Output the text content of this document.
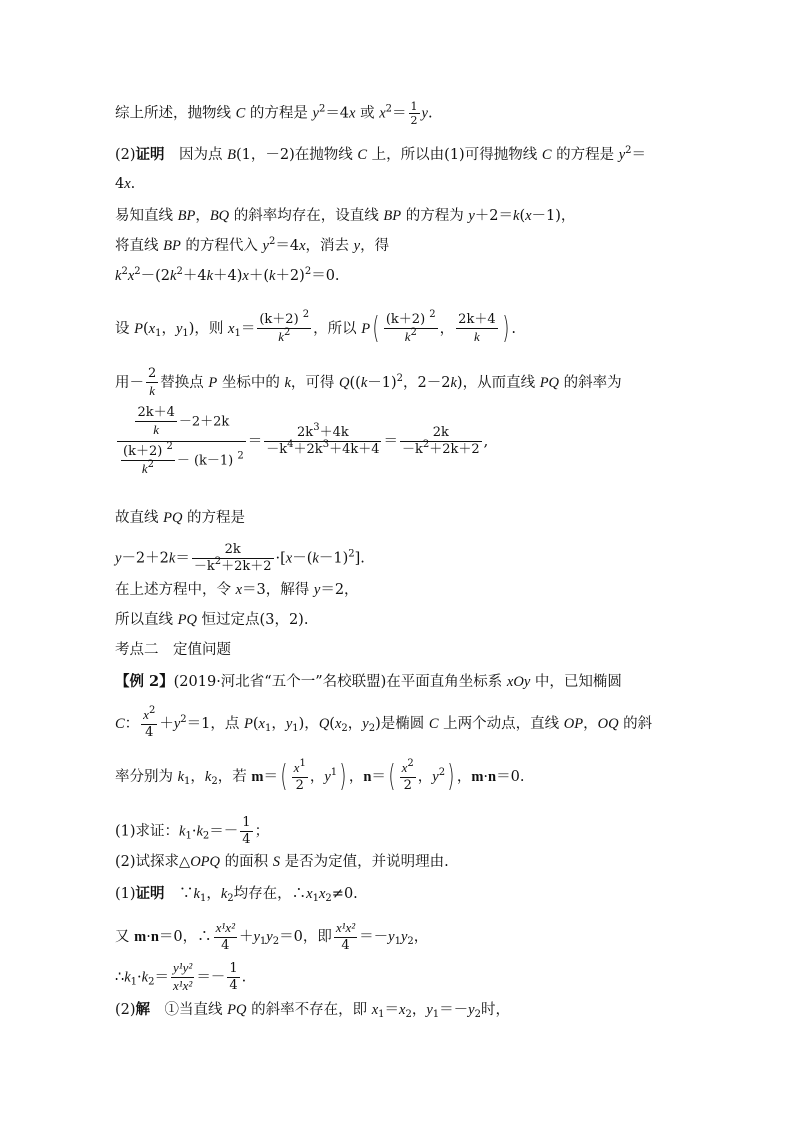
综上所述，抛物线 C 的方程是 $y^2=4x$ 或 $x^2= \frac{1}{2} y$.
(2)证明　 因为点 B(1，－2)在抛物线 C 上，所以由(1)可得抛物线 C 的方程是 $y^2=$
4x.
易知直线 BP，BQ 的斜率均存在，设直线 BP 的方程为 y＋2＝k(x－1)，
将直线 BP 的方程代入 $y^2=4x$，消去 y，得
$k^2x^2-(2k^2+4k+4)x+(k+2)^2=0$.
设 $P(x_1$，$y_1$)，则 $x_1= \frac{(k+2) ^2}{k^2}$ ，所以 $P( \frac{(k+2) ^2}{k^2}$ ， $\frac{2k+4}{k}$ ) .
用－ $\frac{2}{k}$ 替换点 P 坐标中的 k，可得 $Q((k-1)^2$，2－2k)，从而直线 PQ 的斜率为
$\frac{\frac{2k+4}{k} -2+2k}{\frac{(k+2) ^2}{k^2} - (k-1) ^2} = \frac{2k^3+4k}{-k^4+2k^3+4k+4} = \frac{2k}{-k^2+2k+2}$ ,
故直线 PQ 的方程是
$y-2+2k= \frac{2k}{-k^2+2k+2} \cdot[x-(k-1)^2]$.
在上述方程中，令 x＝3，解得 y＝2，
所以直线 PQ 恒过定点(3，2).
考点二　定值问题
【例 2】(2019·河北省“五个一”名校联盟)在平面直角坐标系 xOy 中，已知椭圆
C： $\frac{x^2}{4} +y^2=1$，点 $P(x_1$，$y_1$)，$Q(x_2$，$y_2$)是椭圆 C 上两个动点，直线 OP，OQ 的斜
率分别为 $k_1$，$k_2$，若 $m=( \frac{x^1}{2}$ ，$y^1$) ，$n=( \frac{x^2}{2}$ ，$y^2$) ，m·n＝0.
(1)求证：$k_1\cdot k_2=- \frac{1}{4}$ ；
(2)试探求△OPQ 的面积 S 是否为定值，并说明理由.
(1)证明　$\because k_1$，$k_2$均存在，$\therefore x_1x_2\ne 0$.
又 m·n＝0，∴ $\frac{\text{x¹x²}}{4} +y_1y_2=0$，即 $\frac{\text{x¹x²}}{4} =-y_1y_2$，
$\therefore k_1\cdot k_2= \frac{\text{y¹y²}}{\text{x¹x²}} =- \frac{1}{4}$ .
(2)解　①当直线 PQ 的斜率不存在，即 $x_1=x_2$，$y_1=-y_2$时，
